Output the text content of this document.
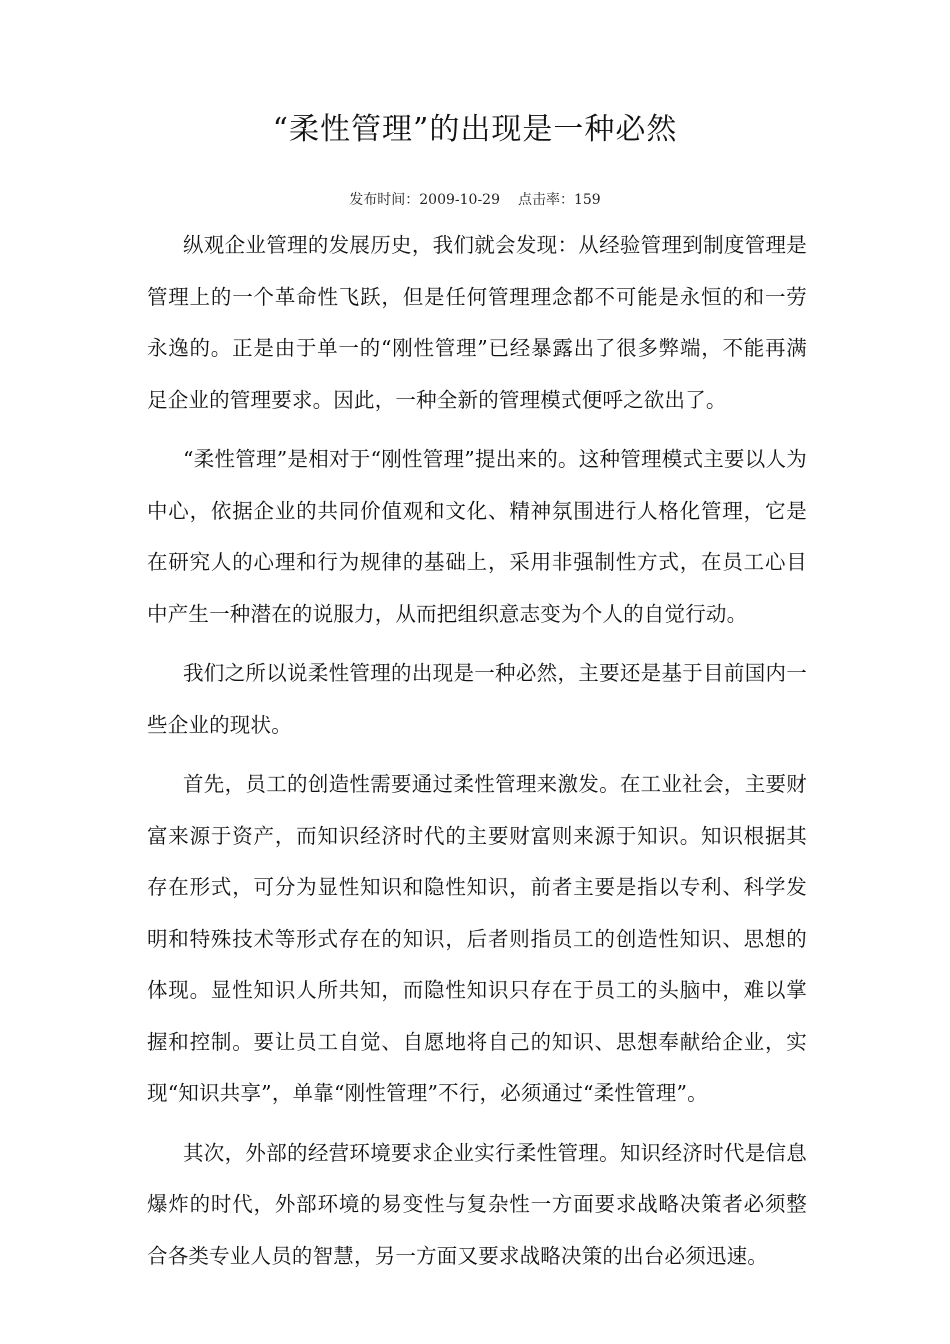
“柔性管理”的出现是一种必然
发布时间：2009-10-29 点击率：159

纵观企业管理的发展历史，我们就会发现：从经验管理到制度管理是管理上的一个革命性飞跃，但是任何管理理念都不可能是永恒的和一劳永逸的。正是由于单一的“刚性管理”已经暴露出了很多弊端，不能再满足企业的管理要求。因此，一种全新的管理模式便呼之欲出了。

“柔性管理”是相对于“刚性管理”提出来的。这种管理模式主要以人为中心，依据企业的共同价值观和文化、精神氛围进行人格化管理，它是在研究人的心理和行为规律的基础上，采用非强制性方式，在员工心目中产生一种潜在的说服力，从而把组织意志变为个人的自觉行动。

我们之所以说柔性管理的出现是一种必然，主要还是基于目前国内一些企业的现状。

首先，员工的创造性需要通过柔性管理来激发。在工业社会，主要财富来源于资产，而知识经济时代的主要财富则来源于知识。知识根据其存在形式，可分为显性知识和隐性知识，前者主要是指以专利、科学发明和特殊技术等形式存在的知识，后者则指员工的创造性知识、思想的体现。显性知识人所共知，而隐性知识只存在于员工的头脑中，难以掌握和控制。要让员工自觉、自愿地将自己的知识、思想奉献给企业，实现“知识共享”，单靠“刚性管理”不行，必须通过“柔性管理”。

其次，外部的经营环境要求企业实行柔性管理。知识经济时代是信息爆炸的时代，外部环境的易变性与复杂性一方面要求战略决策者必须整合各类专业人员的智慧，另一方面又要求战略决策的出台必须迅速。
